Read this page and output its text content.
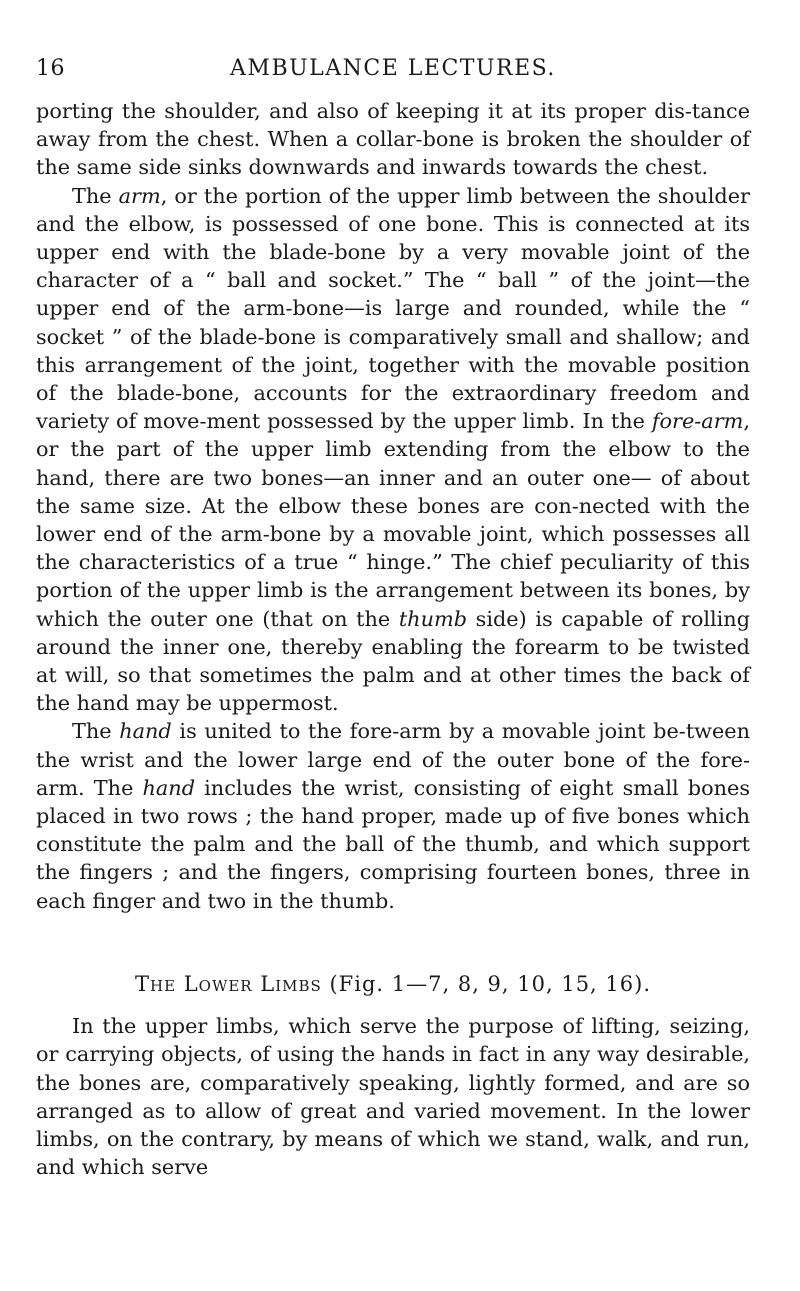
16	AMBULANCE LECTURES.

porting the shoulder, and also of keeping it at its proper dis-tance away from the chest. When a collar-bone is broken the shoulder of the same side sinks downwards and inwards towards the chest.

The arm, or the portion of the upper limb between the shoulder and the elbow, is possessed of one bone. This is connected at its upper end with the blade-bone by a very movable joint of the character of a “ ball and socket.” The “ ball ” of the joint—the upper end of the arm-bone—is large and rounded, while the “ socket ” of the blade-bone is comparatively small and shallow; and this arrangement of the joint, together with the movable position of the blade-bone, accounts for the extraordinary freedom and variety of move-ment possessed by the upper limb. In the fore-arm, or the part of the upper limb extending from the elbow to the hand, there are two bones—an inner and an outer one— of about the same size. At the elbow these bones are con-nected with the lower end of the arm-bone by a movable joint, which possesses all the characteristics of a true “ hinge.” The chief peculiarity of this portion of the upper limb is the arrangement between its bones, by which the outer one (that on the thumb side) is capable of rolling around the inner one, thereby enabling the forearm to be twisted at will, so that sometimes the palm and at other times the back of the hand may be uppermost.

The hand is united to the fore-arm by a movable joint be-tween the wrist and the lower large end of the outer bone of the fore-arm. The hand includes the wrist, consisting of eight small bones placed in two rows ; the hand proper, made up of five bones which constitute the palm and the ball of the thumb, and which support the fingers ; and the fingers, comprising fourteen bones, three in each finger and two in the thumb.

The Lower Limbs (Fig. 1—7, 8, 9, 10, 15, 16).

In the upper limbs, which serve the purpose of lifting, seizing, or carrying objects, of using the hands in fact in any way desirable, the bones are, comparatively speaking, lightly formed, and are so arranged as to allow of great and varied movement. In the lower limbs, on the contrary, by means of which we stand, walk, and run, and which serve
